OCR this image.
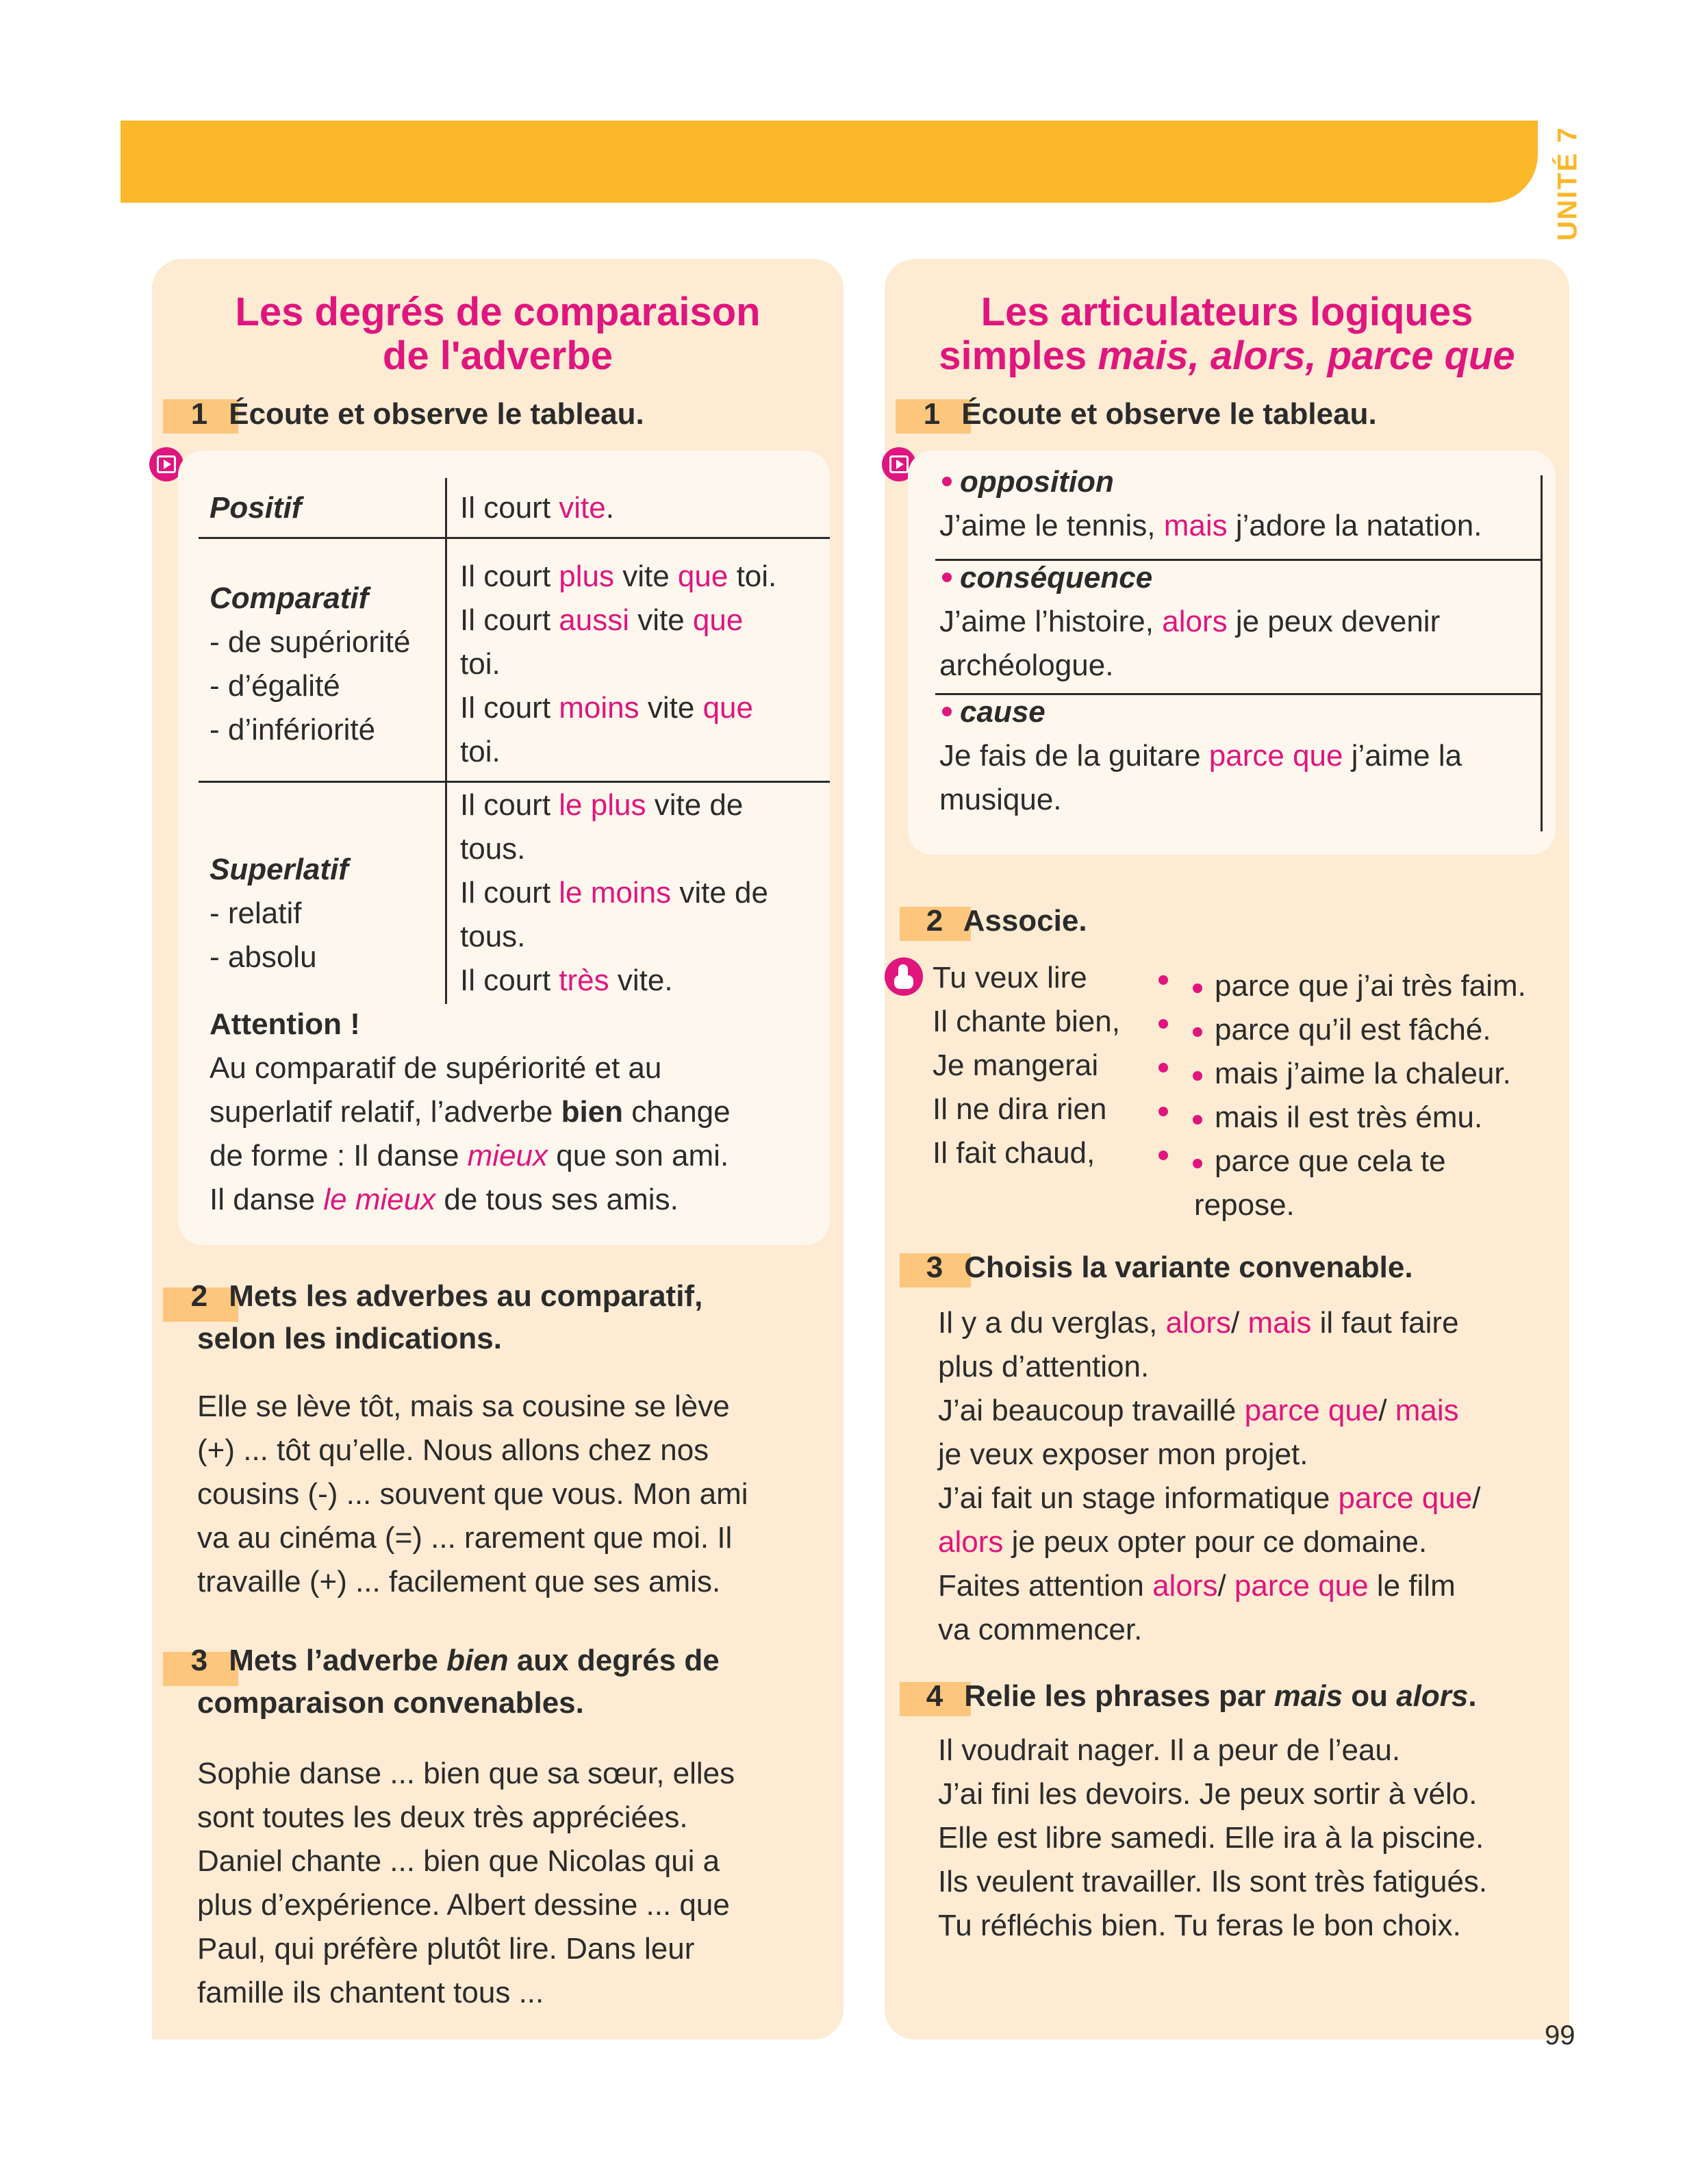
UNITÉ 7
Les degrés de comparaison
de l'adverbe
1 Écoute et observe le tableau.
Positif	Il court vite.

Comparatif

- de supériorité

- d’égalité

- d’infériorité

Il court plus vite que toi.

Il court aussi vite que

toi.

Il court moins vite que

toi.

Superlatif

- relatif

- absolu

Il court le plus vite de

tous.

Il court le moins vite de

tous.

Il court très vite.

Attention !

Au comparatif de supériorité et au

superlatif relatif, l’adverbe bien change

de forme : Il danse mieux que son ami.

Il danse le mieux de tous ses amis.

2 Mets les adverbes au comparatif,
selon les indications.

Elle se lève tôt, mais sa cousine se lève

(+) ... tôt qu’elle. Nous allons chez nos

cousins (-) ... souvent que vous. Mon ami

va au cinéma (=) ... rarement que moi. Il

travaille (+) ... facilement que ses amis.

3 Mets l’adverbe bien aux degrés de
comparaison convenables.

Sophie danse ... bien que sa sœur, elles

sont toutes les deux très appréciées.

Daniel chante ... bien que Nicolas qui a

plus d’expérience. Albert dessine ... que

Paul, qui préfère plutôt lire. Dans leur

famille ils chantent tous ...

Les articulateurs logiques
simples mais, alors, parce que
1 Écoute et observe le tableau.

opposition

J’aime le tennis, mais j’adore la natation.

conséquence

J’aime l’histoire, alors je peux devenir

archéologue.

cause

Je fais de la guitare parce que j’aime la

musique.

2 Associe.

Tu veux lire

Il chante bien,

Je mangerai

Il ne dira rien

Il fait chaud,

parce que j’ai très faim.

parce qu’il est fâché.

mais j’aime la chaleur.

mais il est très ému.

parce que cela te

repose.
3 Choisis la variante convenable.

Il y a du verglas, alors/ mais il faut faire

plus d’attention.

J’ai beaucoup travaillé parce que/ mais

je veux exposer mon projet.

J’ai fait un stage informatique parce que/

alors je peux opter pour ce domaine.

Faites attention alors/ parce que le film

va commencer.

4 Relie les phrases par mais ou alors.

Il voudrait nager. Il a peur de l’eau.

J’ai fini les devoirs. Je peux sortir à vélo.

Elle est libre samedi. Elle ira à la piscine.

Ils veulent travailler. Ils sont très fatigués.

Tu réfléchis bien. Tu feras le bon choix.

99
